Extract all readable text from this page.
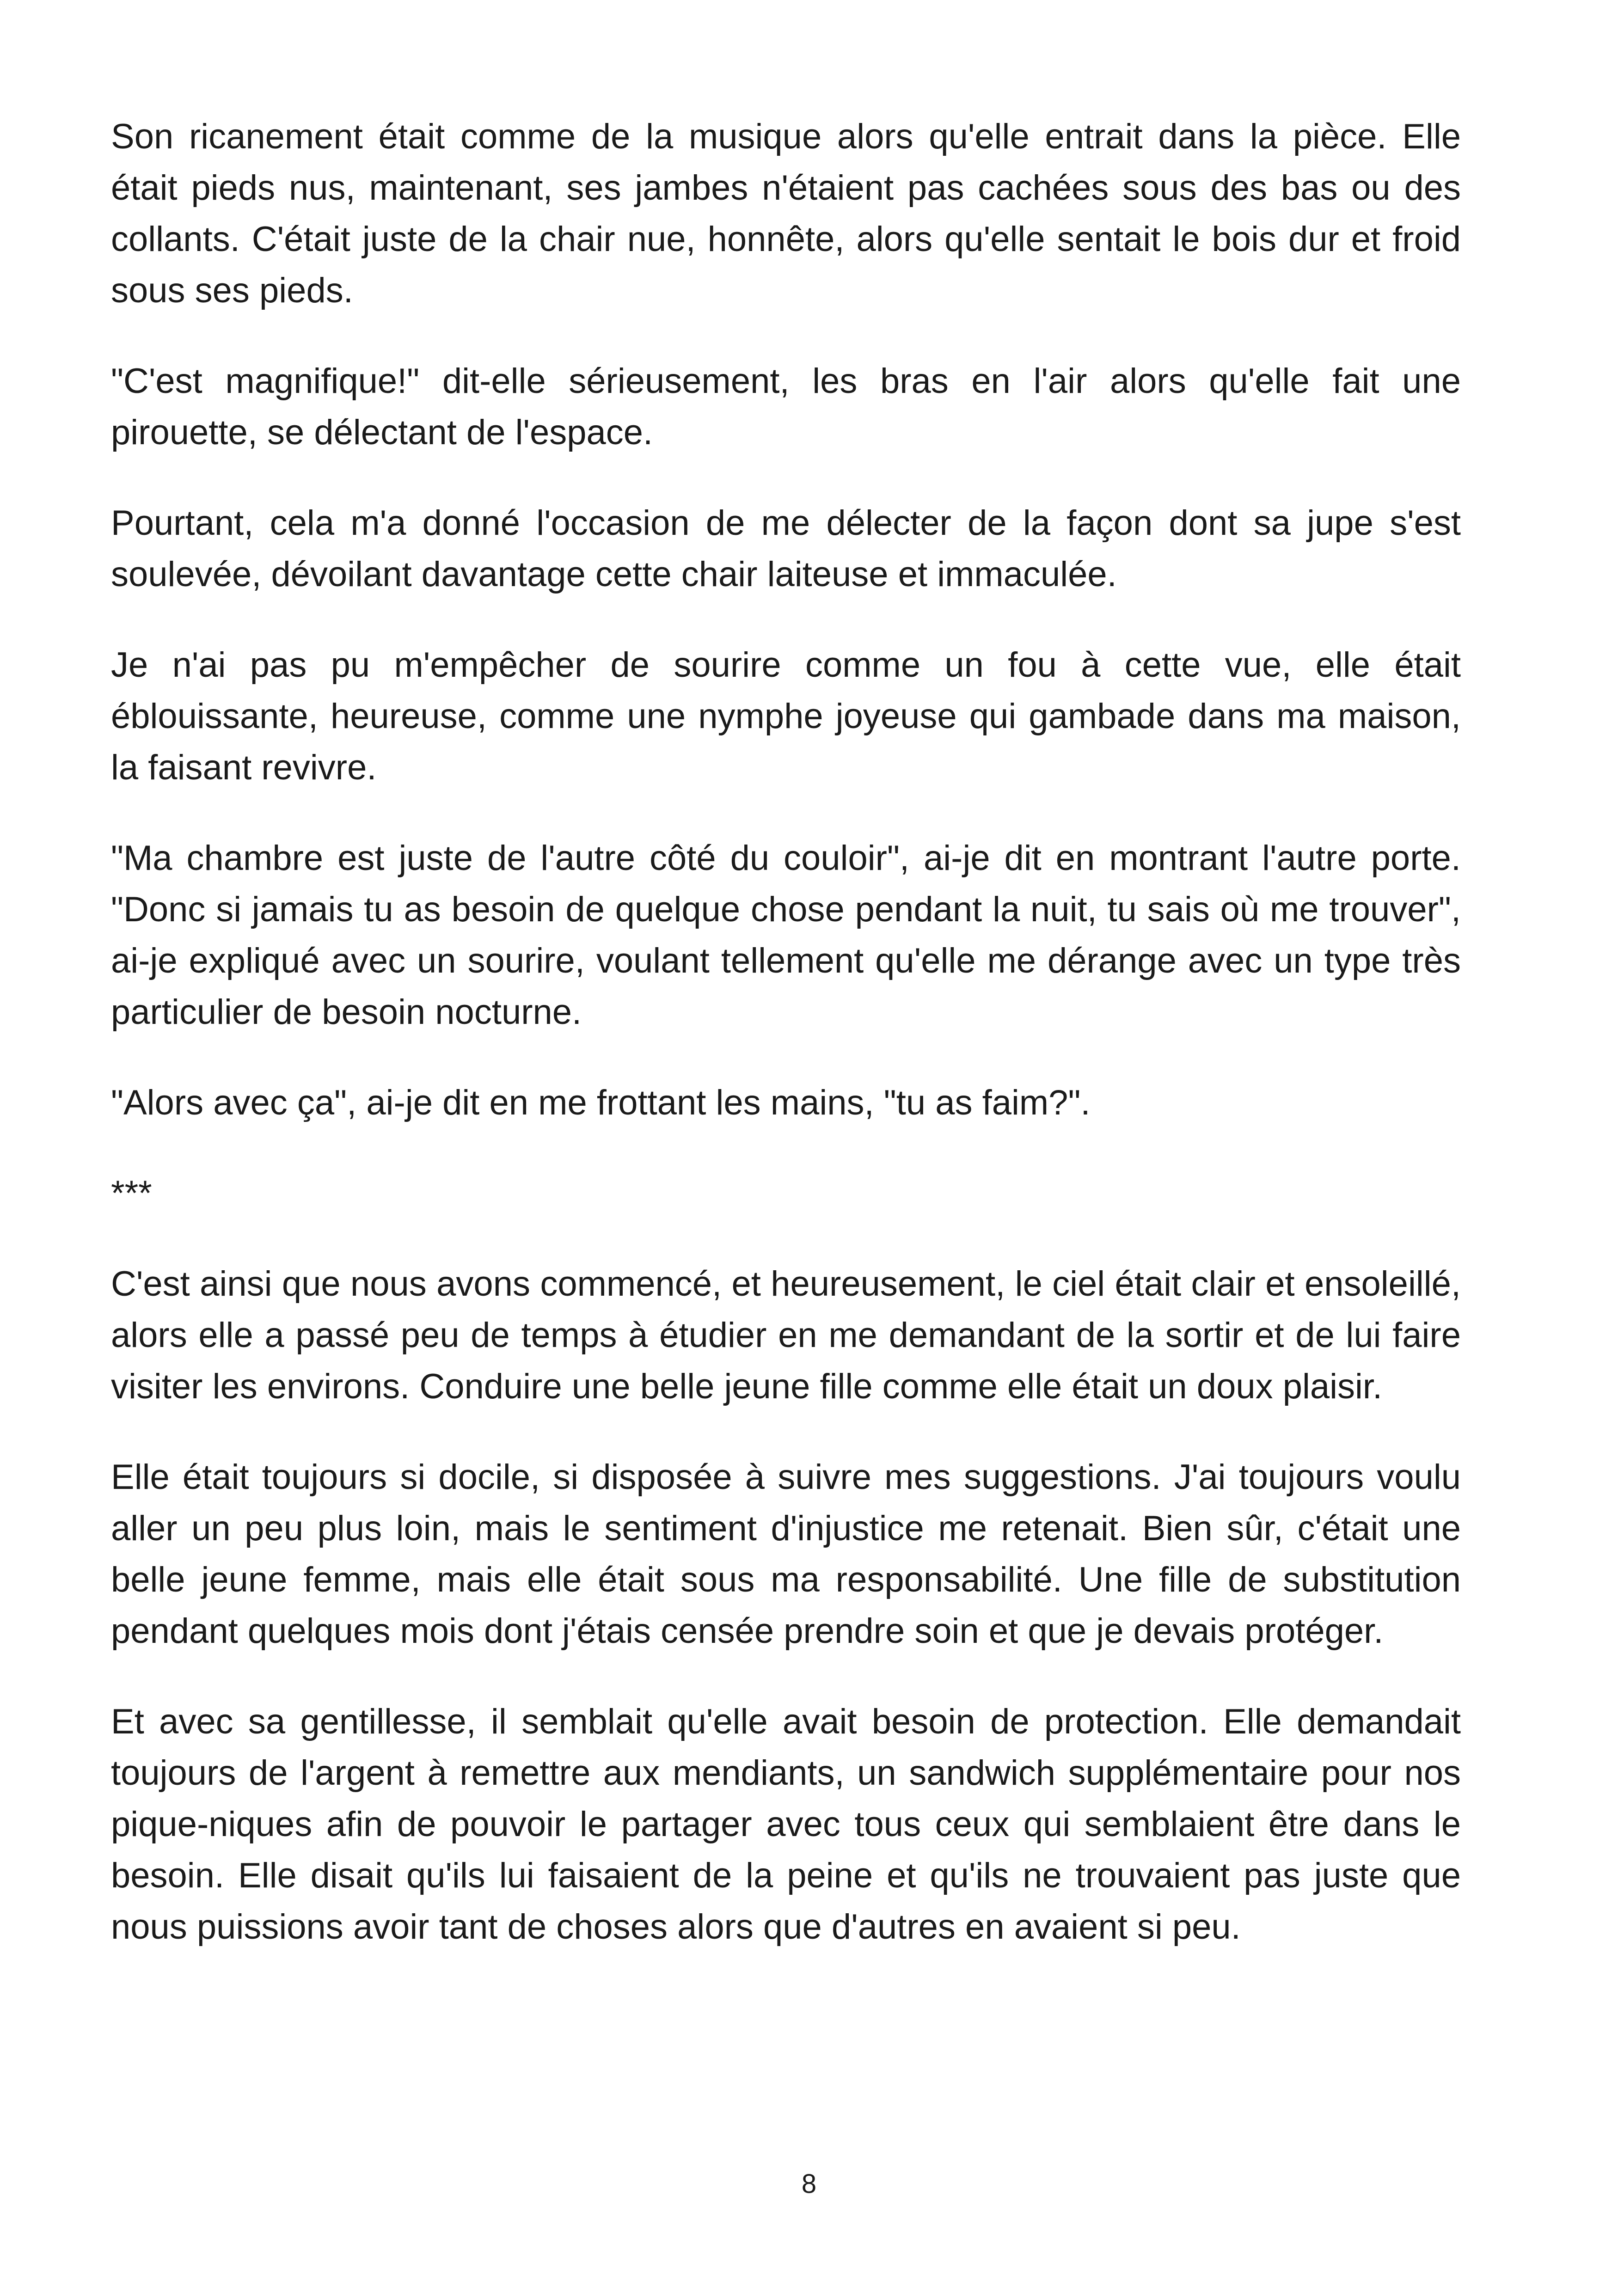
Son ricanement était comme de la musique alors qu'elle entrait dans la pièce. Elle était pieds nus, maintenant, ses jambes n'étaient pas cachées sous des bas ou des collants. C'était juste de la chair nue, honnête, alors qu'elle sentait le bois dur et froid sous ses pieds.

"C'est magnifique!" dit-elle sérieusement, les bras en l'air alors qu'elle fait une pirouette, se délectant de l'espace.

Pourtant, cela m'a donné l'occasion de me délecter de la façon dont sa jupe s'est soulevée, dévoilant davantage cette chair laiteuse et immaculée.

Je n'ai pas pu m'empêcher de sourire comme un fou à cette vue, elle était éblouissante, heureuse, comme une nymphe joyeuse qui gambade dans ma maison, la faisant revivre.

"Ma chambre est juste de l'autre côté du couloir", ai-je dit en montrant l'autre porte. "Donc si jamais tu as besoin de quelque chose pendant la nuit, tu sais où me trouver", ai-je expliqué avec un sourire, voulant tellement qu'elle me dérange avec un type très particulier de besoin nocturne.

"Alors avec ça", ai-je dit en me frottant les mains, "tu as faim?".

***

C'est ainsi que nous avons commencé, et heureusement, le ciel était clair et ensoleillé, alors elle a passé peu de temps à étudier en me demandant de la sortir et de lui faire visiter les environs. Conduire une belle jeune fille comme elle était un doux plaisir.

Elle était toujours si docile, si disposée à suivre mes suggestions. J'ai toujours voulu aller un peu plus loin, mais le sentiment d'injustice me retenait. Bien sûr, c'était une belle jeune femme, mais elle était sous ma responsabilité. Une fille de substitution pendant quelques mois dont j'étais censée prendre soin et que je devais protéger.

Et avec sa gentillesse, il semblait qu'elle avait besoin de protection. Elle demandait toujours de l'argent à remettre aux mendiants, un sandwich supplémentaire pour nos pique-niques afin de pouvoir le partager avec tous ceux qui semblaient être dans le besoin. Elle disait qu'ils lui faisaient de la peine et qu'ils ne trouvaient pas juste que nous puissions avoir tant de choses alors que d'autres en avaient si peu.

8
